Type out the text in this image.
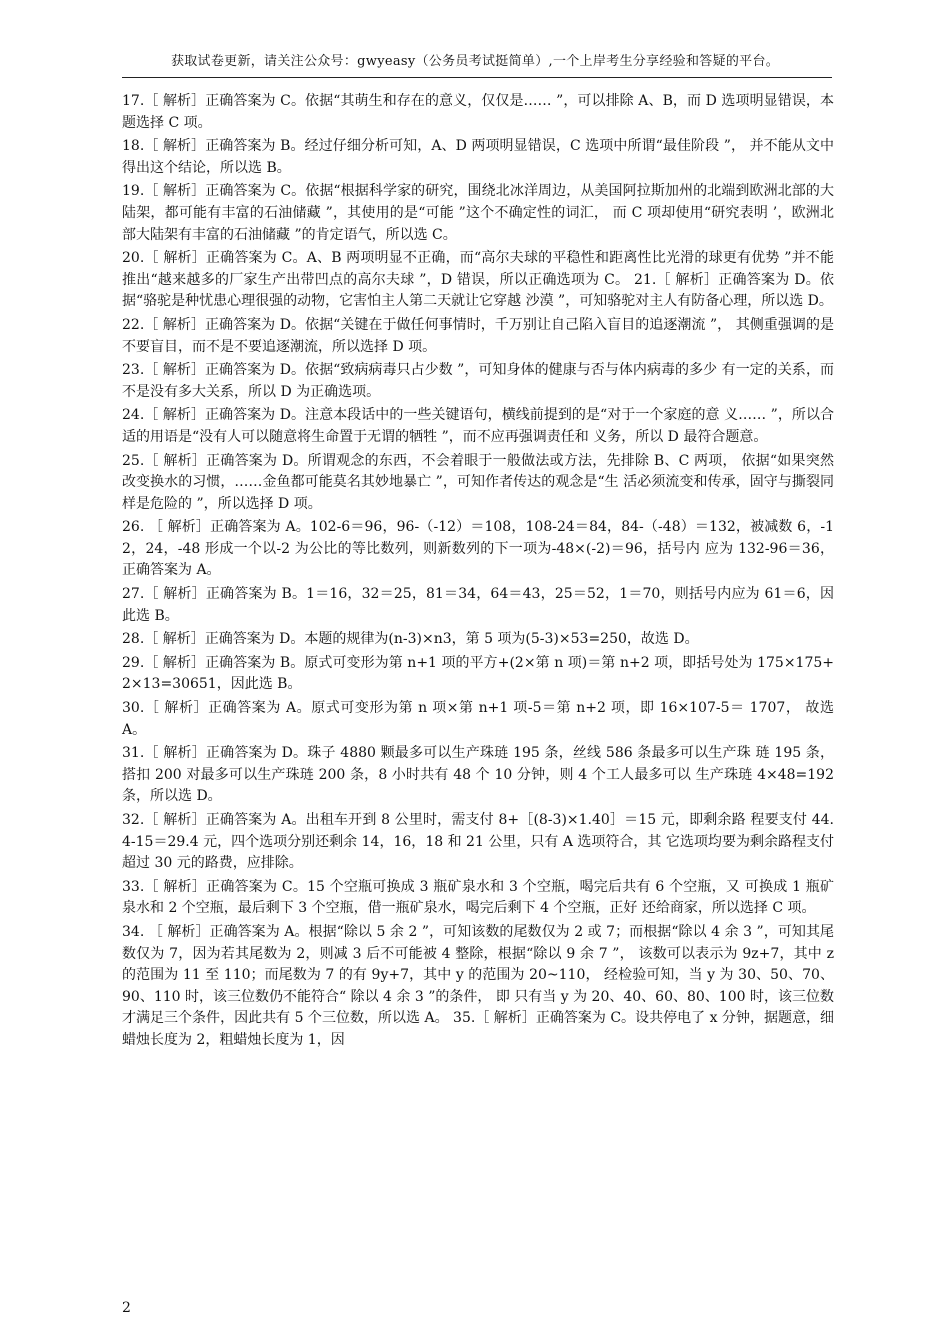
获取试卷更新，请关注公众号：gwyeasy（公务员考试挺简单）,一个上岸考生分享经验和答疑的平台。

17.［ 解析］正确答案为 C。依据“其萌生和存在的意义，仅仅是…… ”，可以排除 A、B，而 D 选项明显错误，本题选择 C 项。

18.［ 解析］正确答案为 B。经过仔细分析可知，A、D 两项明显错误，C 选项中所谓“最佳阶段 ”， 并不能从文中得出这个结论，所以选 B。

19.［ 解析］正确答案为 C。依据“根据科学家的研究，围绕北冰洋周边，从美国阿拉斯加州的北端到欧洲北部的大陆架，都可能有丰富的石油储藏 ”，其使用的是“可能 ”这个不确定性的词汇， 而 C 项却使用“研究表明 ’，欧洲北部大陆架有丰富的石油储藏 ”的肯定语气，所以选 C。

20.［ 解析］正确答案为 C。A、B 两项明显不正确，而“高尔夫球的平稳性和距离性比光滑的球更有优势 ”并不能推出“越来越多的厂家生产出带凹点的高尔夫球 ”，D 错误，所以正确选项为 C。 21.［ 解析］正确答案为 D。依据“骆驼是种忧患心理很强的动物，它害怕主人第二天就让它穿越 沙漠 ”，可知骆驼对主人有防备心理，所以选 D。

22.［ 解析］正确答案为 D。依据“关键在于做任何事情时，千万别让自己陷入盲目的追逐潮流 ”， 其侧重强调的是不要盲目，而不是不要追逐潮流，所以选择 D 项。

23.［ 解析］正确答案为 D。依据“致病病毒只占少数 ”，可知身体的健康与否与体内病毒的多少 有一定的关系，而不是没有多大关系，所以 D 为正确选项。

24.［ 解析］正确答案为 D。注意本段话中的一些关键语句，横线前提到的是“对于一个家庭的意 义…… ”，所以合适的用语是“没有人可以随意将生命置于无谓的牺牲 ”，而不应再强调责任和 义务，所以 D 最符合题意。

25.［ 解析］正确答案为 D。所谓观念的东西，不会着眼于一般做法或方法，先排除 B、C 两项， 依据“如果突然改变换水的习惯，……金鱼都可能莫名其妙地暴亡 ”，可知作者传达的观念是“生 活必须流变和传承，固守与撕裂同样是危险的 ”，所以选择 D 项。

26. ［ 解析］正确答案为 A。102-6＝96，96-（-12）＝108，108-24＝84，84-（-48）＝132，被减数 6，-12，24，-48 形成一个以-2 为公比的等比数列，则新数列的下一项为-48×(-2)＝96，括号内 应为 132-96＝36，正确答案为 A。

27.［ 解析］正确答案为 B。1＝16，32＝25，81＝34，64＝43，25＝52，1＝70，则括号内应为 61＝6，因此选 B。

28.［ 解析］正确答案为 D。本题的规律为(n-3)×n3，第 5 项为(5-3)×53=250，故选 D。

29.［ 解析］正确答案为 B。原式可变形为第 n+1 项的平方+(2×第 n 项)＝第 n+2 项，即括号处为 175×175+2×13=30651，因此选 B。

30.［ 解析］正确答案为 A。原式可变形为第 n 项×第 n+1 项-5＝第 n+2 项，即 16×107-5＝ 1707， 故选 A。

31.［ 解析］正确答案为 D。珠子 4880 颗最多可以生产珠琏 195 条，丝线 586 条最多可以生产珠 琏 195 条，搭扣 200 对最多可以生产珠琏 200 条，8 小时共有 48 个 10 分钟，则 4 个工人最多可以 生产珠琏 4×48=192 条，所以选 D。

32.［ 解析］正确答案为 A。出租车开到 8 公里时，需支付 8+［(8-3)×1.40］＝15 元，即剩余路 程要支付 44.4-15＝29.4 元，四个选项分别还剩余 14，16，18 和 21 公里，只有 A 选项符合，其 它选项均要为剩余路程支付超过 30 元的路费，应排除。

33.［ 解析］正确答案为 C。15 个空瓶可换成 3 瓶矿泉水和 3 个空瓶，喝完后共有 6 个空瓶，又 可换成 1 瓶矿泉水和 2 个空瓶，最后剩下 3 个空瓶，借一瓶矿泉水，喝完后剩下 4 个空瓶，正好 还给商家，所以选择 C 项。

34. ［ 解析］正确答案为 A。根据“除以 5 余 2 ”，可知该数的尾数仅为 2 或 7；而根据“除以 4 余 3 ”，可知其尾数仅为 7，因为若其尾数为 2，则减 3 后不可能被 4 整除，根据“除以 9 余 7 ”， 该数可以表示为 9z+7，其中 z 的范围为 11 至 110；而尾数为 7 的有 9y+7，其中 y 的范围为 20~110， 经检验可知，当 y 为 30、50、70、90、110 时，该三位数仍不能符合“ 除以 4 余 3 ”的条件， 即 只有当 y 为 20、40、60、80、100 时，该三位数才满足三个条件，因此共有 5 个三位数，所以选 A。 35.［ 解析］正确答案为 C。设共停电了 x 分钟，据题意，细蜡烛长度为 2，粗蜡烛长度为 1，因

2
